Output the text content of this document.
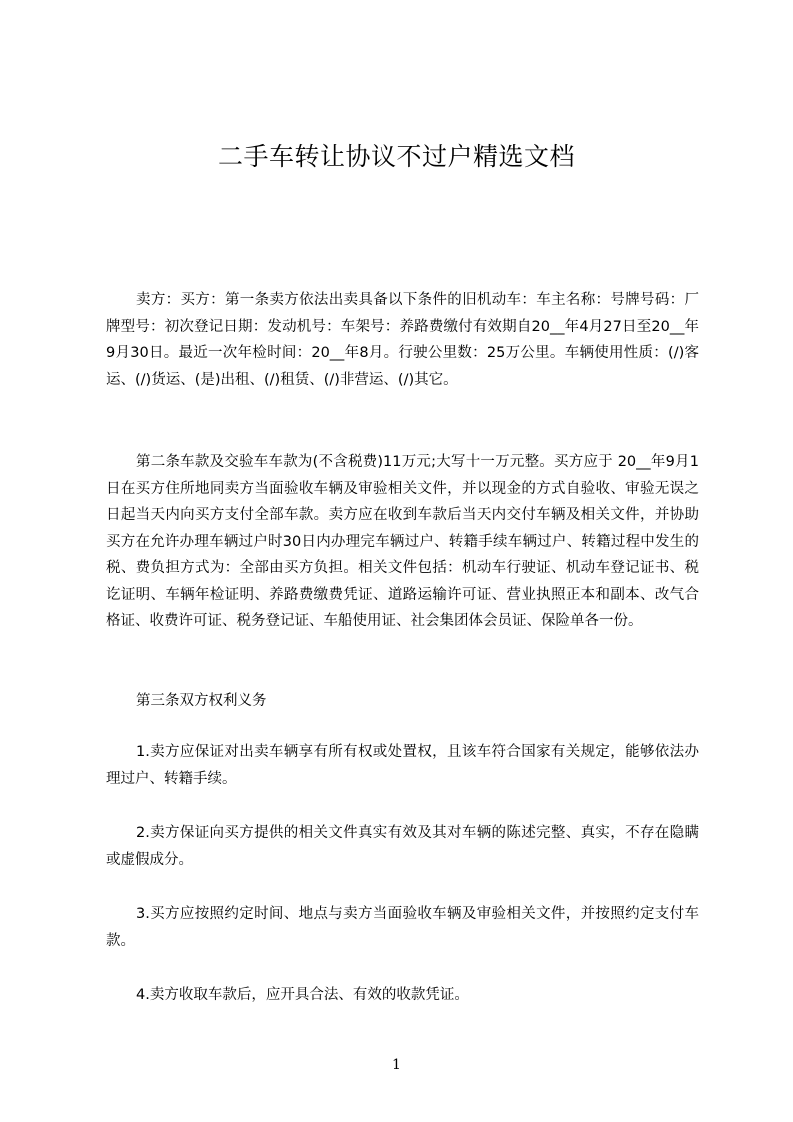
二手车转让协议不过户精选文档
卖方：买方：第一条卖方依法出卖具备以下条件的旧机动车：车主名称：号牌号码：厂牌型号：初次登记日期：发动机号：车架号：养路费缴付有效期自20__年4月27日至20__年9月30日。最近一次年检时间：20__年8月。行驶公里数：25万公里。车辆使用性质：(/)客运、(/)货运、(是)出租、(/)租赁、(/)非营运、(/)其它。
第二条车款及交验车车款为(不含税费)11万元;大写十一万元整。买方应于 20__年9月1日在买方住所地同卖方当面验收车辆及审验相关文件，并以现金的方式自验收、审验无误之日起当天内向买方支付全部车款。卖方应在收到车款后当天内交付车辆及相关文件，并协助买方在允许办理车辆过户时30日内办理完车辆过户、转籍手续车辆过户、转籍过程中发生的税、费负担方式为：全部由买方负担。相关文件包括：机动车行驶证、机动车登记证书、税讫证明、车辆年检证明、养路费缴费凭证、道路运输许可证、营业执照正本和副本、改气合格证、收费许可证、税务登记证、车船使用证、社会集团体会员证、保险单各一份。
第三条双方权利义务
1.卖方应保证对出卖车辆享有所有权或处置权，且该车符合国家有关规定，能够依法办理过户、转籍手续。
2.卖方保证向买方提供的相关文件真实有效及其对车辆的陈述完整、真实，不存在隐瞒或虚假成分。
3.买方应按照约定时间、地点与卖方当面验收车辆及审验相关文件，并按照约定支付车款。
4.卖方收取车款后，应开具合法、有效的收款凭证。
1
